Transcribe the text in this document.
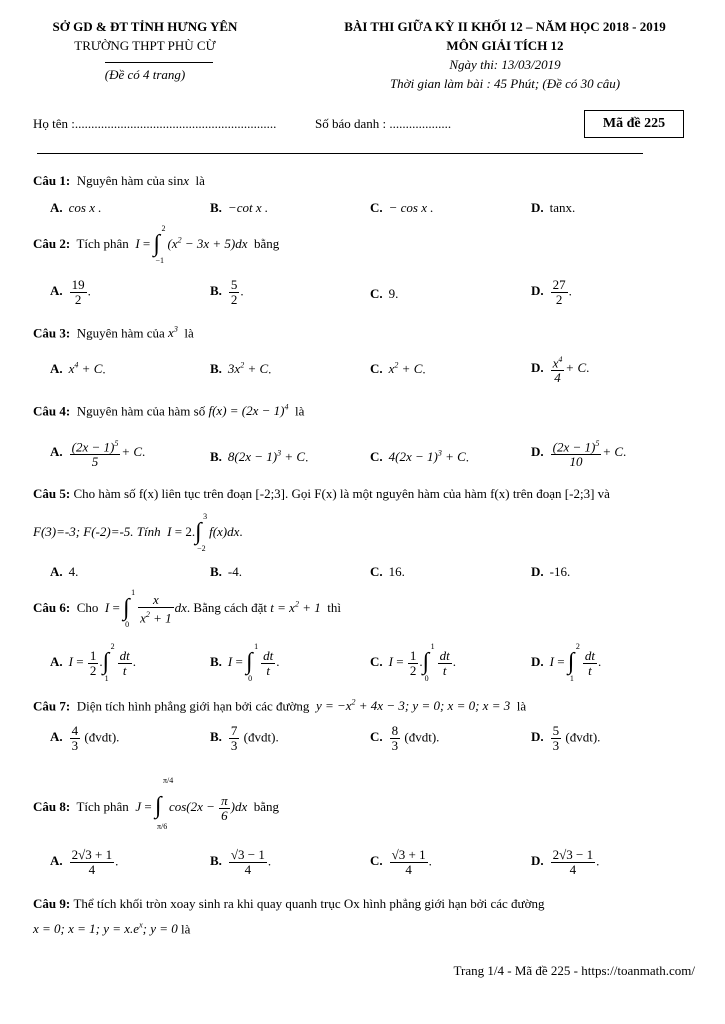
SỞ GD & ĐT TỈNH HƯNG YÊN
TRƯỜNG THPT PHÙ CỪ
(Đề có 4 trang)
BÀI THI GIỮA KỲ II KHỐI 12 – NĂM HỌC 2018 - 2019
MÔN GIẢI TÍCH 12
Ngày thi: 13/03/2019
Thời gian làm bài : 45 Phút; (Đề có 30 câu)
Họ tên :..............................................................	Số báo danh : ...................	Mã đề 225
Câu 1: Nguyên hàm của sinx là
A. cos x .	B. −cot x .	C. − cos x .	D. tanx.
Câu 2: Tích phân I = ∫
2
−1
$(x^2 - 3x + 5)dx$ bằng
A. $\frac{19}{2}$ .	B. $\frac{5}{2}$ .	C. 9.	D. $\frac{27}{2}$ .
Câu 3: Nguyên hàm của $x^3$ là
A. $x^4 + C$.	B. $3x^2 + C$.	C. $x^2 + C$.	D. $\frac{x^4}{4} + C$.
Câu 4: Nguyên hàm của hàm số $f(x) = (2x - 1)^4$ là
A. $\frac{(2x - 1)^5}{5} + C$.	B. $8(2x - 1)^3 + C$.	C. $4(2x - 1)^3 + C$.	D. $\frac{(2x - 1)^5}{10} + C$.
Câu 5: Cho hàm số f(x) liên tục trên đoạn [-2;3]. Gọi F(x) là một nguyên hàm của hàm f(x) trên đoạn [-2;3] và
F(3)=-3; F(-2)=-5. Tính I = 2. ∫
3
−2
f(x)dx.
A. 4.	B. -4.	C. 16.	D. -16.
Câu 6: Cho I = ∫
1
$0 \frac{x}{x^2 + 1}$ dx. Bằng cách đặt $t = x^2 + 1$ thì
A. $I = \frac{1}{2}$ . ∫
2
1
$\frac{dt}{t}$ .	B. I = ∫
1
0
$\frac{dt}{t}$ .	C. $I = \frac{1}{2}$ . ∫
1
0
$\frac{dt}{t}$ .	D. I = ∫
2
1
$\frac{dt}{t}$ .
Câu 7: Diện tích hình phẳng giới hạn bởi các đường $y = -x^2 + 4x - 3$; y = 0; x = 0; x = 3 là
A. $\frac{4}{3}$ (đvdt).	B. $\frac{7}{3}$ (đvdt).	C. $\frac{8}{3}$ (đvdt).	D. $\frac{5}{3}$ (đvdt).
Câu 8: Tích phân J = ∫
π/4
π/6
$\cos(2x - \frac{\pi}{6} )dx$ bằng
A. $\frac{2√3 + 1}{4}$ .	B. $\frac{√3 - 1}{4}$ .	C. $\frac{√3 + 1}{4}$ .	D. $\frac{2√3 - 1}{4}$ .
Câu 9: Thể tích khối tròn xoay sinh ra khi quay quanh trục Ox hình phẳng giới hạn bởi các đường
x = 0; x = 1; $y = x.e^x$; y = 0 là
Trang 1/4 - Mã đề 225 - https://toanmath.com/
